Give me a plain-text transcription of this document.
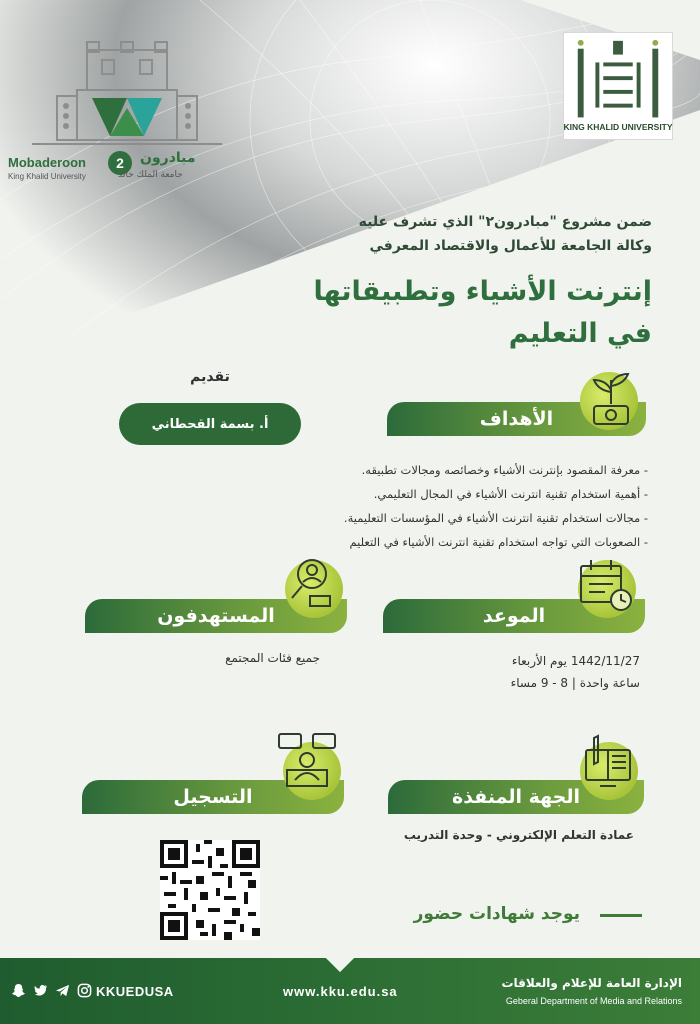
Mobaderoon	2	مبادرون
King Khalid University	جامعة الملك خالد
KING KHALID UNIVERSITY
ضمن مشروع "مبادرون٢" الذي تشرف عليه
وكالة الجامعة للأعمال والاقتصاد المعرفي
إنترنت الأشياء وتطبيقاتها
في التعليم
تقديم
أ. بسمة القحطاني	الأهداف
- معرفة المقصود بإنترنت الأشياء وخصائصه ومجالات تطبيقه.
- أهمية استخدام تقنية انترنت الأشياء في المجال التعليمي.
- مجالات استخدام تقنية انترنت الأشياء في المؤسسات التعليمية.
- الصعوبات التي تواجه استخدام تقنية انترنت الأشياء في التعليم
الموعد
1442/11/27 يوم الأربعاء
ساعة واحدة | 8 - 9 مساء
المستهدفون
جميع فئات المجتمع
الجهة المنفذة
عمادة التعلم الإلكتروني - وحدة التدريب
التسجيل
يوجد شهادات حضور
KKUEDUSA	www.kku.edu.sa
الإدارة العامة للإعلام والعلاقات
Geberal Department of Media and Relations
